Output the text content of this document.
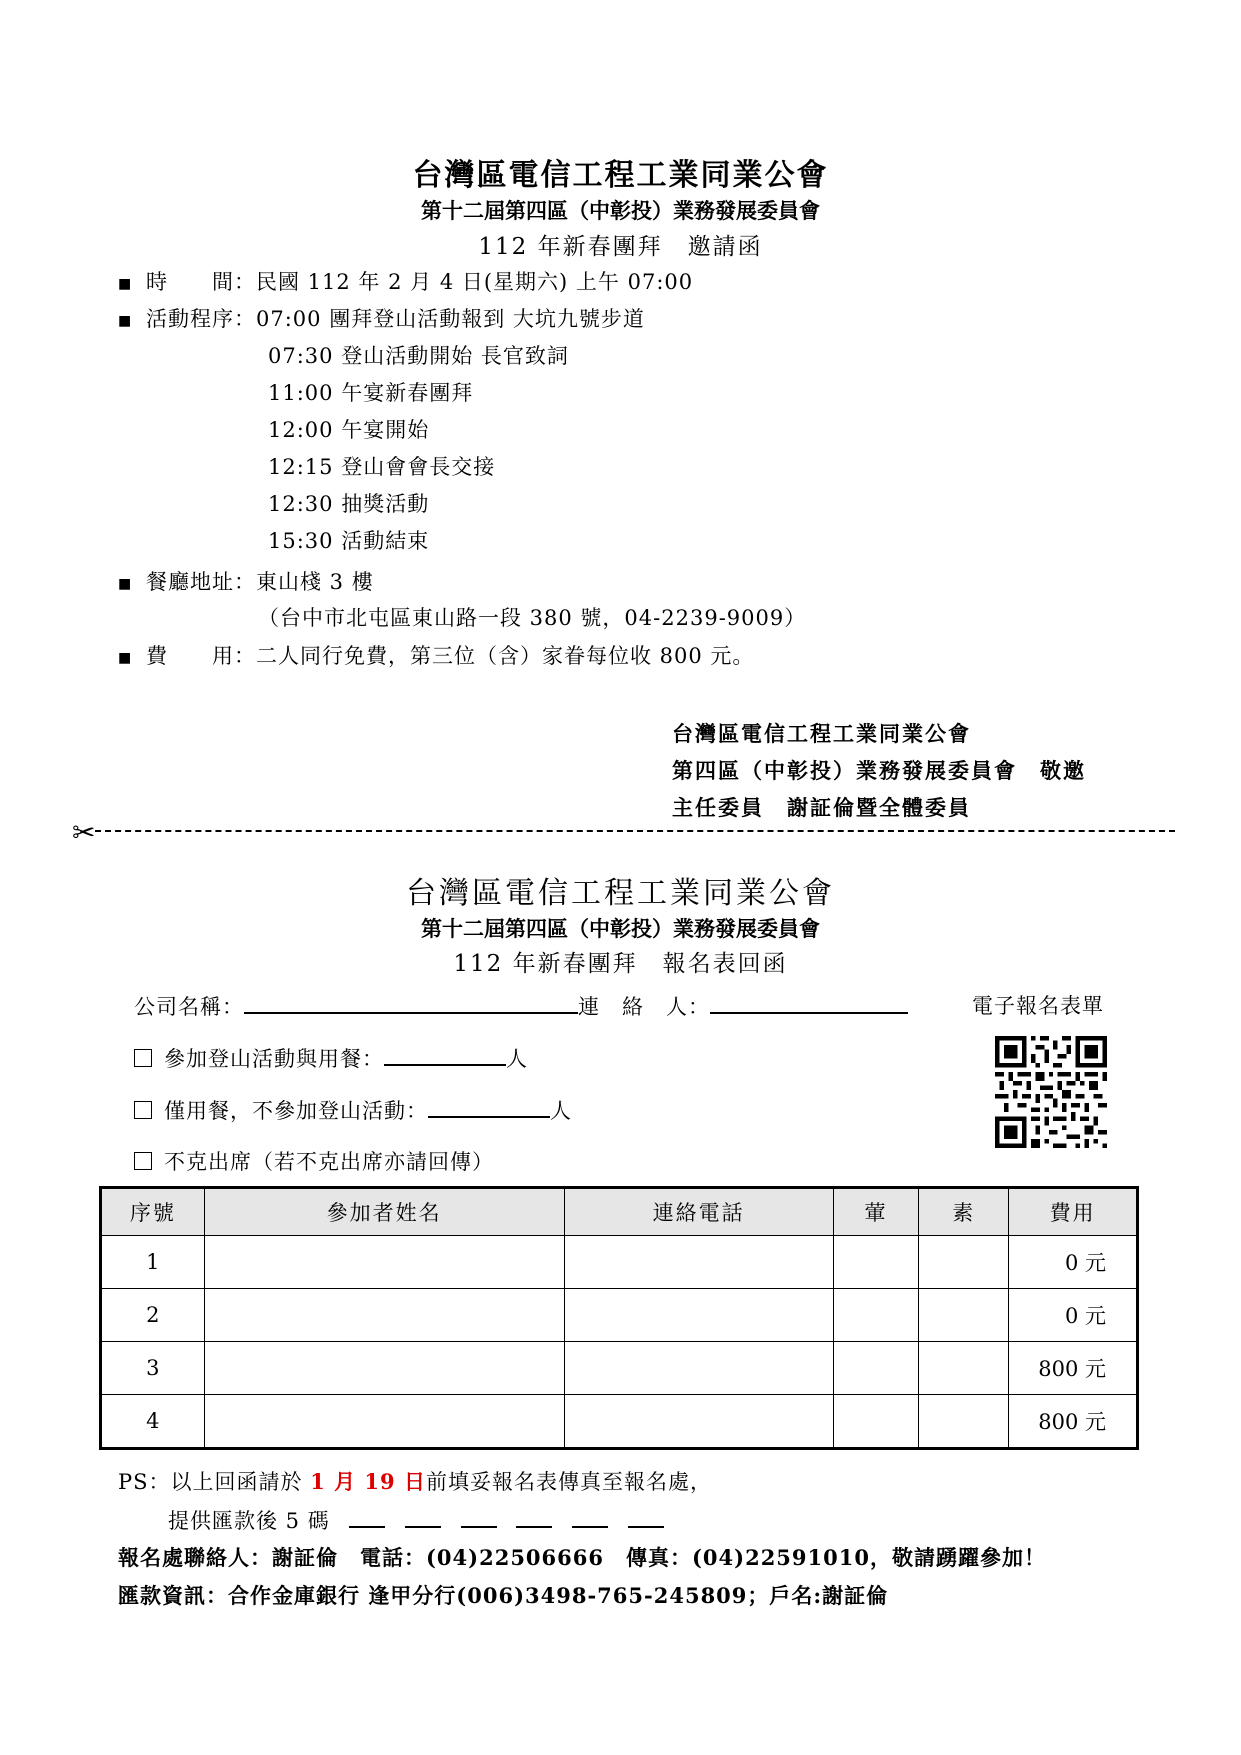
台灣區電信工程工業同業公會
第十二屆第四區（中彰投）業務發展委員會
112 年新春團拜　邀請函
■ 時　　間：民國 112 年 2 月 4 日(星期六) 上午 07:00
■ 活動程序：07:00 團拜登山活動報到 大坑九號步道
07:30 登山活動開始 長官致詞
11:00 午宴新春團拜
12:00 午宴開始
12:15 登山會會長交接
12:30 抽獎活動
15:30 活動結束
■ 餐廳地址：東山棧 3 樓
（台中市北屯區東山路一段 380 號，04-2239-9009）
■ 費　　用：二人同行免費，第三位（含）家眷每位收 800 元。
台灣區電信工程工業同業公會
第四區（中彰投）業務發展委員會　敬邀
主任委員　謝証倫暨全體委員
✂
台灣區電信工程工業同業公會
第十二屆第四區（中彰投）業務發展委員會
112 年新春團拜　報名表回函
公司名稱：	連　絡　人：	電子報名表單
參加登山活動與用餐：	人
僅用餐，不參加登山活動：	人
不克出席（若不克出席亦請回傳）
序號	參加者姓名	連絡電話	葷	素	費用
1					0 元
2					0 元
3					800 元
4					800 元
PS：以上回函請於 1 月 19 日前填妥報名表傳真至報名處，
提供匯款後 5 碼
報名處聯絡人：謝証倫　電話：(04)22506666　傳真：(04)22591010，敬請踴躍參加！
匯款資訊：合作金庫銀行 逢甲分行(006)3498-765-245809；戶名:謝証倫
